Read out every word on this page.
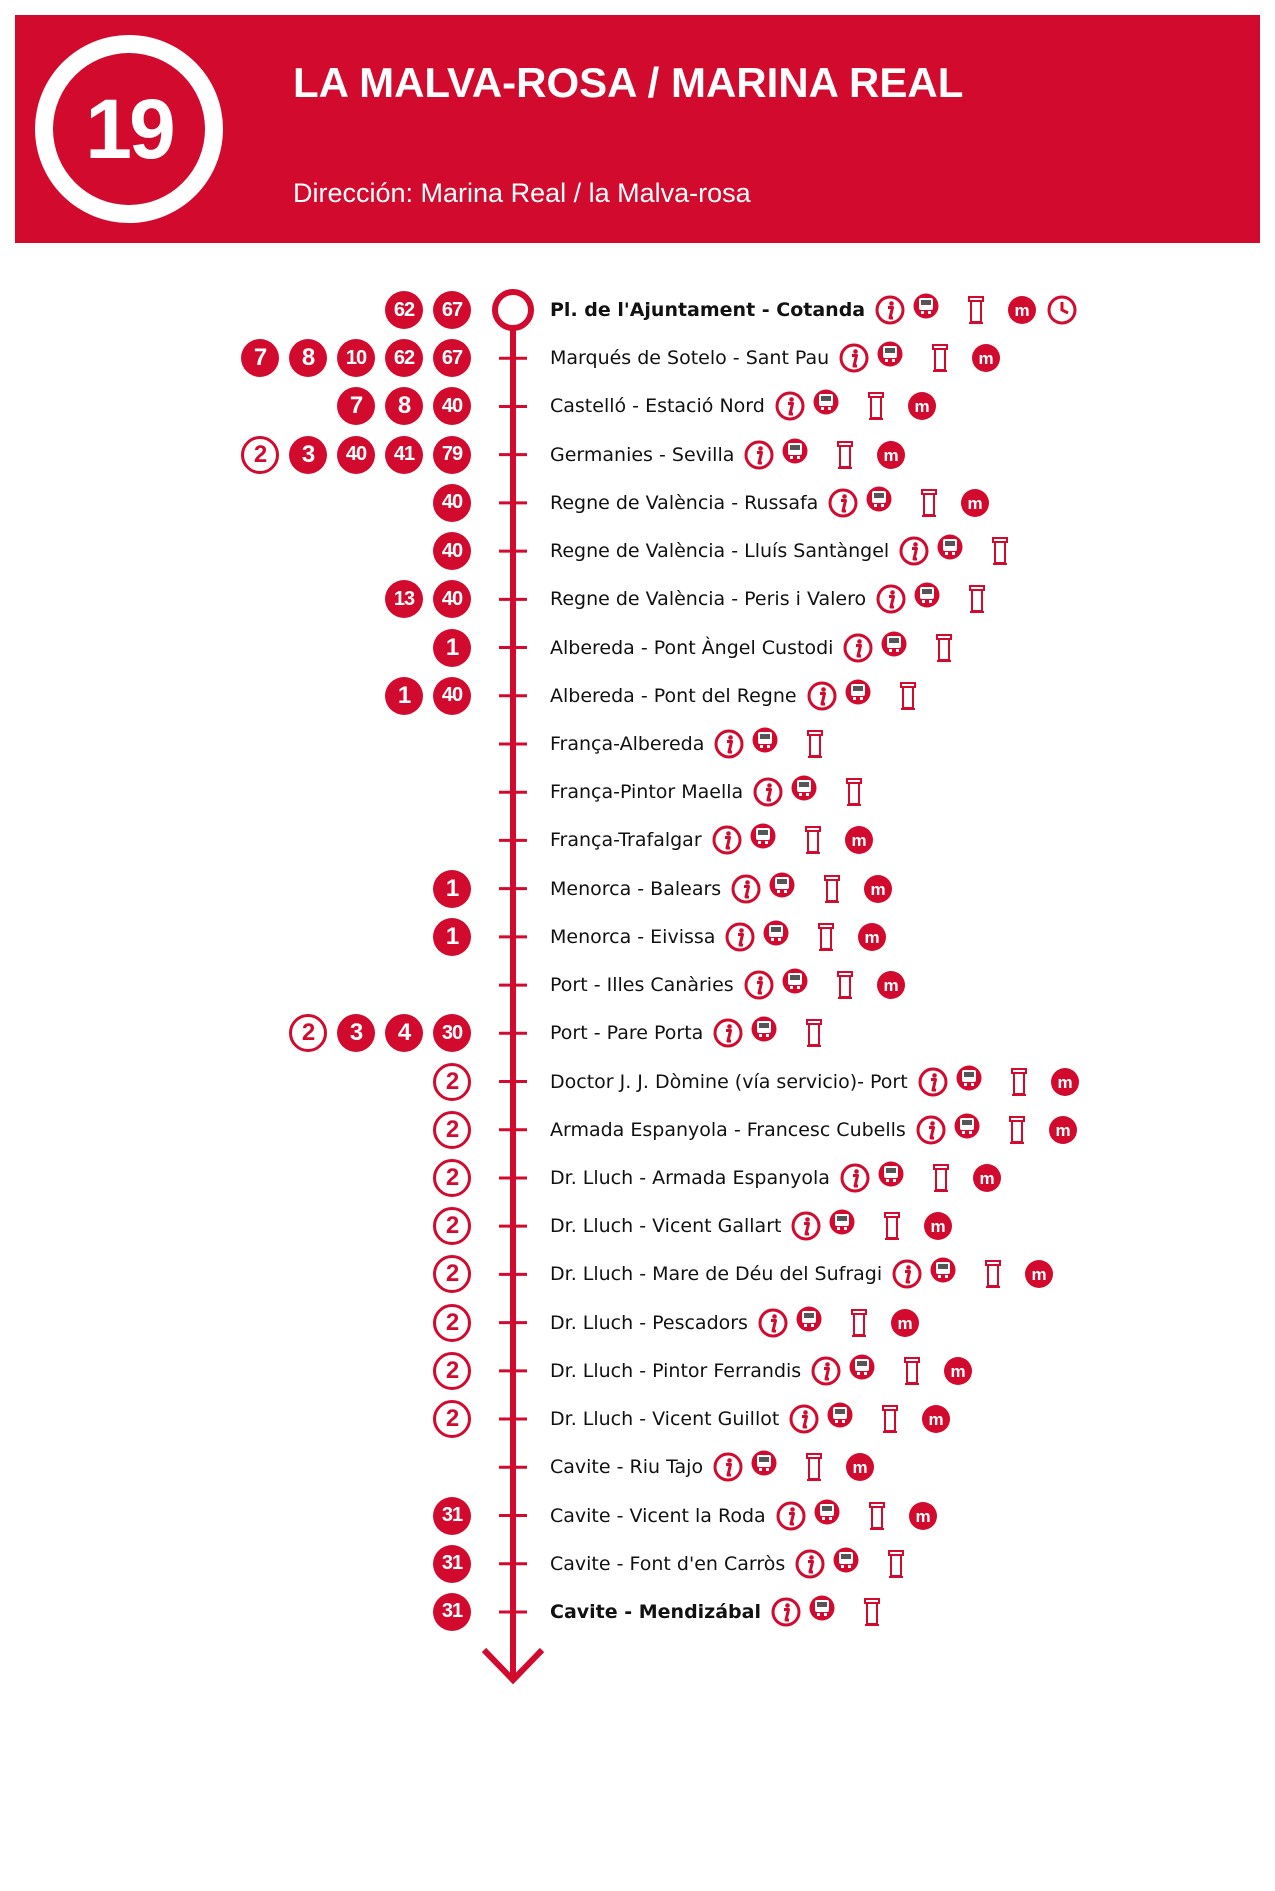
19	LA MALVA-ROSA / MARINA REAL
Dirección: Marina Real / la Malva-rosa
62	67	Pl. de l'Ajuntament - Cotanda	m
7	8	10	62	67	Marqués de Sotelo - Sant Pau	m
7	8	40	Castelló - Estació Nord	m
2	3	40	41	79	Germanies - Sevilla	m
40	Regne de València - Russafa	m
40	Regne de València - Lluís Santàngel
13	40	Regne de València - Peris i Valero
1	Albereda - Pont Àngel Custodi
1	40	Albereda - Pont del Regne
França-Albereda
França-Pintor Maella
França-Trafalgar	m
1	Menorca - Balears	m
1	Menorca - Eivissa	m
Port - Illes Canàries	m
2	3	4	30	Port - Pare Porta
2	Doctor J. J. Dòmine (vía servicio)- Port	m
2	Armada Espanyola - Francesc Cubells	m
2	Dr. Lluch - Armada Espanyola	m
2	Dr. Lluch - Vicent Gallart	m
2	Dr. Lluch - Mare de Déu del Sufragi	m
2	Dr. Lluch - Pescadors	m
2	Dr. Lluch - Pintor Ferrandis	m
2	Dr. Lluch - Vicent Guillot	m
Cavite - Riu Tajo	m
31	Cavite - Vicent la Roda	m
31	Cavite - Font d'en Carròs
31	Cavite - Mendizábal
